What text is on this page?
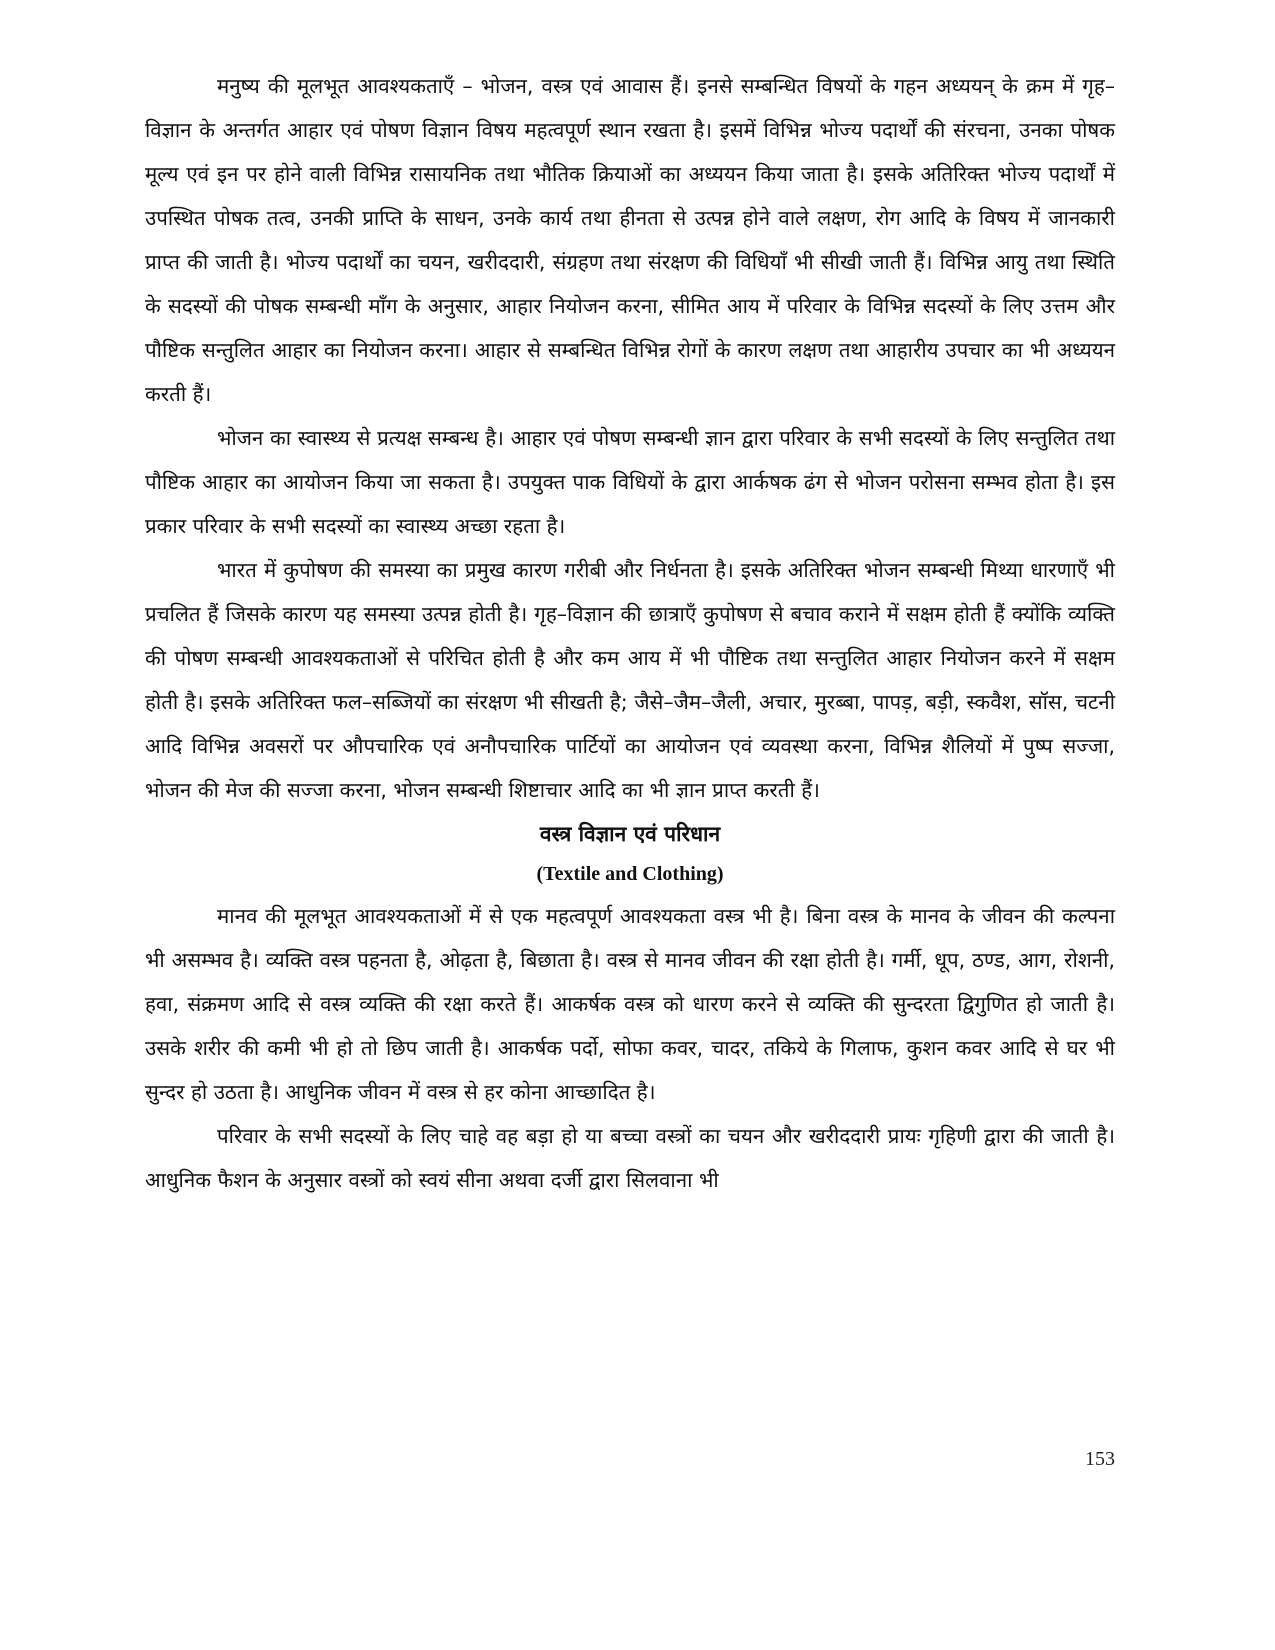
मनुष्य की मूलभूत आवश्यकताएँ – भोजन, वस्त्र एवं आवास हैं। इनसे सम्बन्धित विषयों के गहन अध्ययन् के क्रम में गृह–विज्ञान के अन्तर्गत आहार एवं पोषण विज्ञान विषय महत्वपूर्ण स्थान रखता है। इसमें विभिन्न भोज्य पदार्थों की संरचना, उनका पोषक मूल्य एवं इन पर होने वाली विभिन्न रासायनिक तथा भौतिक क्रियाओं का अध्ययन किया जाता है। इसके अतिरिक्त भोज्य पदार्थों में उपस्थित पोषक तत्व, उनकी प्राप्ति के साधन, उनके कार्य तथा हीनता से उत्पन्न होने वाले लक्षण, रोग आदि के विषय में जानकारी प्राप्त की जाती है। भोज्य पदार्थों का चयन, खरीददारी, संग्रहण तथा संरक्षण की विधियाँ भी सीखी जाती हैं। विभिन्न आयु तथा स्थिति के सदस्यों की पोषक सम्बन्धी माँग के अनुसार, आहार नियोजन करना, सीमित आय में परिवार के विभिन्न सदस्यों के लिए उत्तम और पौष्टिक सन्तुलित आहार का नियोजन करना। आहार से सम्बन्धित विभिन्न रोगों के कारण लक्षण तथा आहारीय उपचार का भी अध्ययन करती हैं।

भोजन का स्वास्थ्य से प्रत्यक्ष सम्बन्ध है। आहार एवं पोषण सम्बन्धी ज्ञान द्वारा परिवार के सभी सदस्यों के लिए सन्तुलित तथा पौष्टिक आहार का आयोजन किया जा सकता है। उपयुक्त पाक विधियों के द्वारा आर्कषक ढंग से भोजन परोसना सम्भव होता है। इस प्रकार परिवार के सभी सदस्यों का स्वास्थ्य अच्छा रहता है।

भारत में कुपोषण की समस्या का प्रमुख कारण गरीबी और निर्धनता है। इसके अतिरिक्त भोजन सम्बन्धी मिथ्या धारणाएँ भी प्रचलित हैं जिसके कारण यह समस्या उत्पन्न होती है। गृह–विज्ञान की छात्राएँ कुपोषण से बचाव कराने में सक्षम होती हैं क्योंकि व्यक्ति की पोषण सम्बन्धी आवश्यकताओं से परिचित होती है और कम आय में भी पौष्टिक तथा सन्तुलित आहार नियोजन करने में सक्षम होती है। इसके अतिरिक्त फल–सब्जियों का संरक्षण भी सीखती है; जैसे–जैम–जैली, अचार, मुरब्बा, पापड़, बड़ी, स्कवैश, सॉस, चटनी आदि विभिन्न अवसरों पर औपचारिक एवं अनौपचारिक पार्टियों का आयोजन एवं व्यवस्था करना, विभिन्न शैलियों में पुष्प सज्जा, भोजन की मेज की सज्जा करना, भोजन सम्बन्धी शिष्टाचार आदि का भी ज्ञान प्राप्त करती हैं।

वस्त्र विज्ञान एवं परिधान
(Textile and Clothing)

मानव की मूलभूत आवश्यकताओं में से एक महत्वपूर्ण आवश्यकता वस्त्र भी है। बिना वस्त्र के मानव के जीवन की कल्पना भी असम्भव है। व्यक्ति वस्त्र पहनता है, ओढ़ता है, बिछाता है। वस्त्र से मानव जीवन की रक्षा होती है। गर्मी, धूप, ठण्ड, आग, रोशनी, हवा, संक्रमण आदि से वस्त्र व्यक्ति की रक्षा करते हैं। आकर्षक वस्त्र को धारण करने से व्यक्ति की सुन्दरता द्विगुणित हो जाती है। उसके शरीर की कमी भी हो तो छिप जाती है। आकर्षक पर्दो, सोफा कवर, चादर, तकिये के गिलाफ, कुशन कवर आदि से घर भी सुन्दर हो उठता है। आधुनिक जीवन में वस्त्र से हर कोना आच्छादित है।

परिवार के सभी सदस्यों के लिए चाहे वह बड़ा हो या बच्चा वस्त्रों का चयन और खरीददारी प्रायः गृहिणी द्वारा की जाती है। आधुनिक फैशन के अनुसार वस्त्रों को स्वयं सीना अथवा दर्जी द्वारा सिलवाना भी

153
